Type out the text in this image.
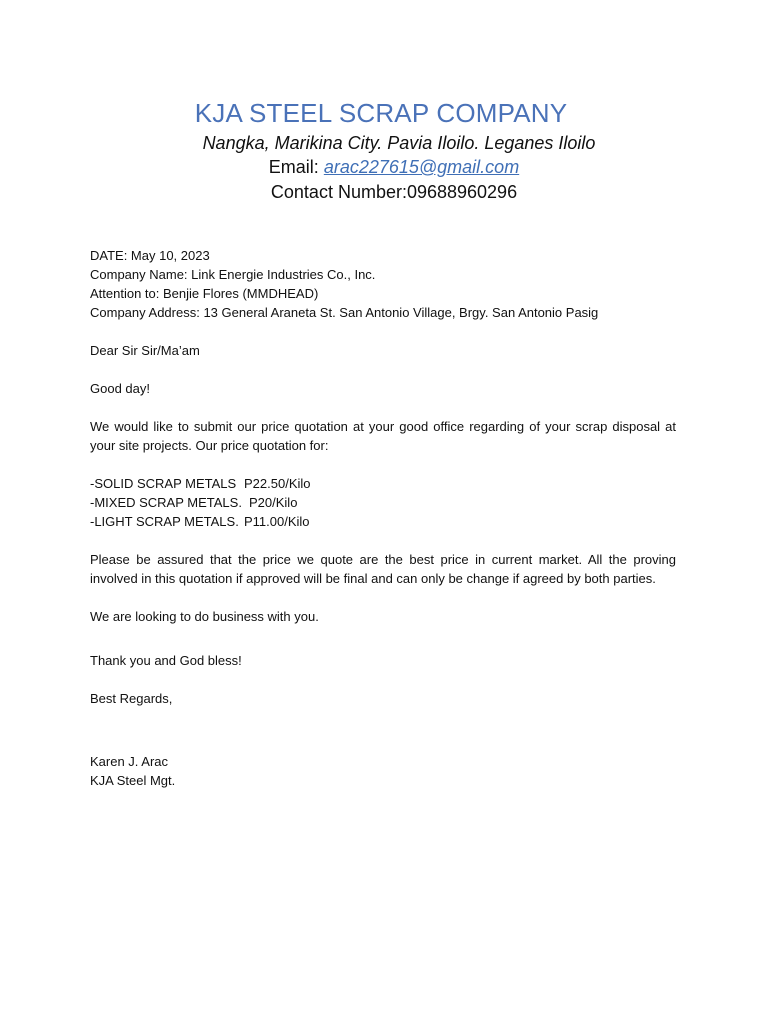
KJA STEEL SCRAP COMPANY
Nangka, Marikina City. Pavia Iloilo. Leganes Iloilo
Email: arac227615@gmail.com
Contact Number:09688960296

DATE: May 10, 2023

Company Name: Link Energie Industries Co., Inc.

Attention to: Benjie Flores (MMDHEAD)

Company Address: 13 General Araneta St. San Antonio Village, Brgy. San Antonio Pasig

Dear Sir Sir/Ma’am

Good day!

We would like to submit our price quotation at your good office regarding of your scrap disposal at your site projects. Our price quotation for:

-SOLID SCRAP METALS P22.50/Kilo
-MIXED SCRAP METALS. P20/Kilo
-LIGHT SCRAP METALS. P11.00/Kilo

Please be assured that the price we quote are the best price in current market. All the proving involved in this quotation if approved will be final and can only be change if agreed by both parties.

We are looking to do business with you.

Thank you and God bless!

Best Regards,

Karen J. Arac

KJA Steel Mgt.
